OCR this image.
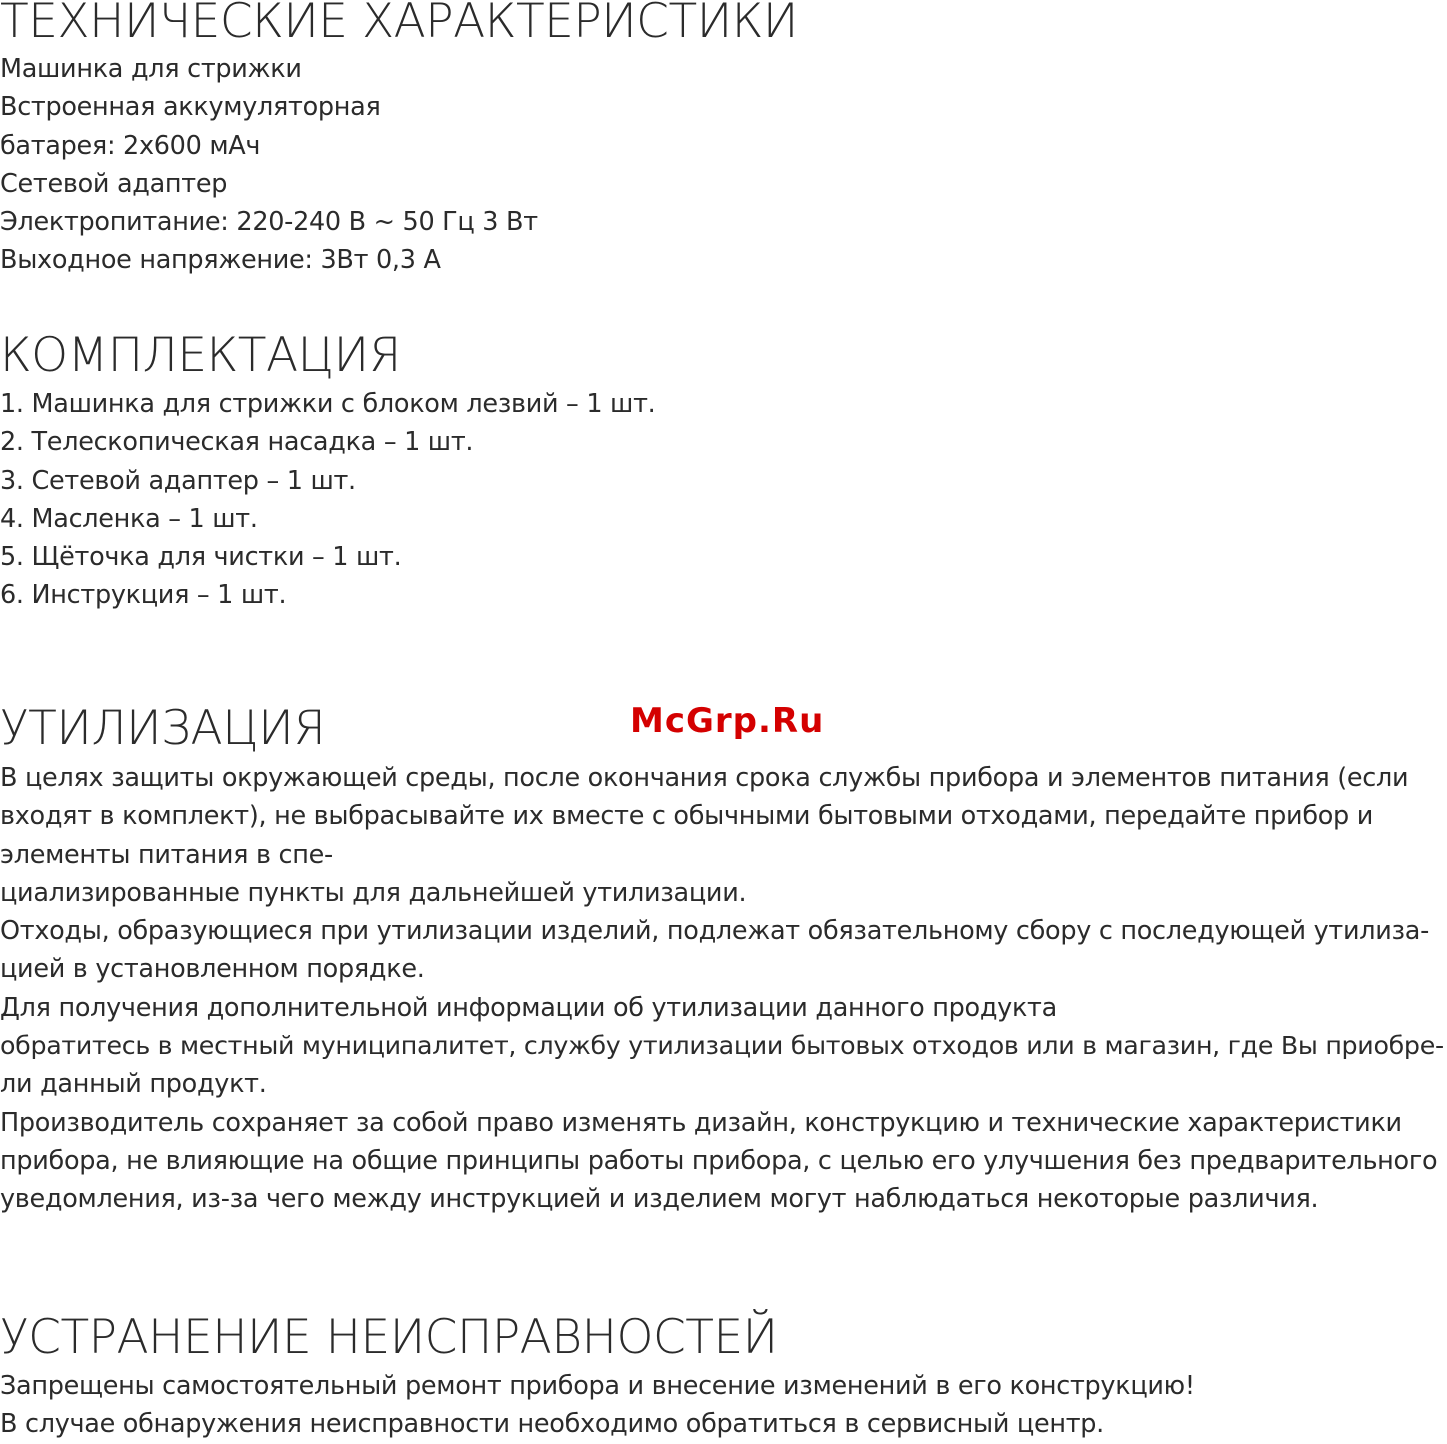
ТЕХНИЧЕСКИЕ ХАРАКТЕРИСТИКИ
Машинка для стрижки
Встроенная аккумуляторная
батарея: 2х600 мАч
Сетевой адаптер
Электропитание: 220-240 В ~ 50 Гц 3 Вт
Выходное напряжение: 3Вт 0,3 А
КОМПЛЕКТАЦИЯ
1. Машинка для стрижки с блоком лезвий – 1 шт.
2. Телескопическая насадка – 1 шт.
3. Сетевой адаптер – 1 шт.
4. Масленка – 1 шт.
5. Щёточка для чистки – 1 шт.
6. Инструкция – 1 шт.
McGrp.Ru
УТИЛИЗАЦИЯ
В целях защиты окружающей среды, после окончания срока службы прибора и элементов питания (если
входят в комплект), не выбрасывайте их вместе с обычными бытовыми отходами, передайте прибор и
элементы питания в спе-
циализированные пункты для дальнейшей утилизации.
Отходы, образующиеся при утилизации изделий, подлежат обязательному сбору с последующей утилиза-
цией в установленном порядке.
Для получения дополнительной информации об утилизации данного продукта
обратитесь в местный муниципалитет, службу утилизации бытовых отходов или в магазин, где Вы приобре-
ли данный продукт.
Производитель сохраняет за собой право изменять дизайн, конструкцию и технические характеристики
прибора, не влияющие на общие принципы работы прибора, с целью его улучшения без предварительного
уведомления, из-за чего между инструкцией и изделием могут наблюдаться некоторые различия.
УСТРАНЕНИЕ НЕИСПРАВНОСТЕЙ
Запрещены самостоятельный ремонт прибора и внесение изменений в его конструкцию!
В случае обнаружения неисправности необходимо обратиться в сервисный центр.
